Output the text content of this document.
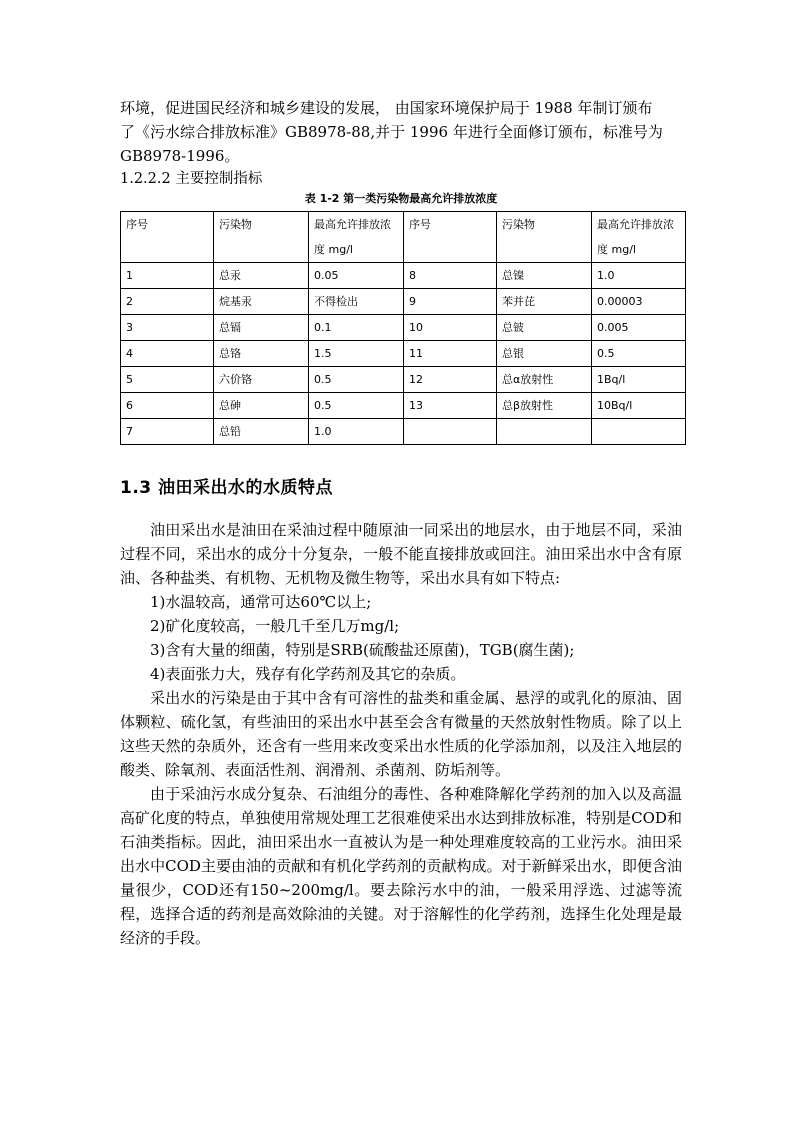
环境，促进国民经济和城乡建设的发展， 由国家环境保护局于 1988 年制订颁布

了《污水综合排放标准》GB8978-88,并于 1996 年进行全面修订颁布，标准号为

GB8978-1996。

1.2.2.2 主要控制指标

表 1-2 第一类污染物最高允许排放浓度

序号	污染物	最高允许排放浓度 mg/l	序号	污染物	最高允许排放浓度 mg/l
1	总汞	0.05	8	总镍	1.0
2	烷基汞	不得检出	9	苯并芘	0.00003
3	总镉	0.1	10	总铍	0.005
4	总铬	1.5	11	总银	0.5
5	六价铬	0.5	12	总α放射性	1Bq/l
6	总砷	0.5	13	总β放射性	10Bq/l
7	总铅	1.0			
1.3 油田采出水的水质特点

油田采出水是油田在采油过程中随原油一同采出的地层水，由于地层不同，采油过程不同，采出水的成分十分复杂，一般不能直接排放或回注。油田采出水中含有原油、各种盐类、有机物、无机物及微生物等，采出水具有如下特点:

1)水温较高，通常可达60℃以上;

2)矿化度较高，一般几千至几万mg/l;

3)含有大量的细菌，特别是SRB(硫酸盐还原菌)，TGB(腐生菌);

4)表面张力大，残存有化学药剂及其它的杂质。

采出水的污染是由于其中含有可溶性的盐类和重金属、悬浮的或乳化的原油、固体颗粒、硫化氢，有些油田的采出水中甚至会含有微量的天然放射性物质。除了以上这些天然的杂质外，还含有一些用来改变采出水性质的化学添加剂，以及注入地层的酸类、除氧剂、表面活性剂、润滑剂、杀菌剂、防垢剂等。

由于采油污水成分复杂、石油组分的毒性、各种难降解化学药剂的加入以及高温高矿化度的特点，单独使用常规处理工艺很难使采出水达到排放标准，特别是COD和石油类指标。因此，油田采出水一直被认为是一种处理难度较高的工业污水。油田采出水中COD主要由油的贡献和有机化学药剂的贡献构成。对于新鲜采出水，即便含油量很少，COD还有150~200mg/l。要去除污水中的油，一般采用浮选、过滤等流程，选择合适的药剂是高效除油的关键。对于溶解性的化学药剂，选择生化处理是最经济的手段。
